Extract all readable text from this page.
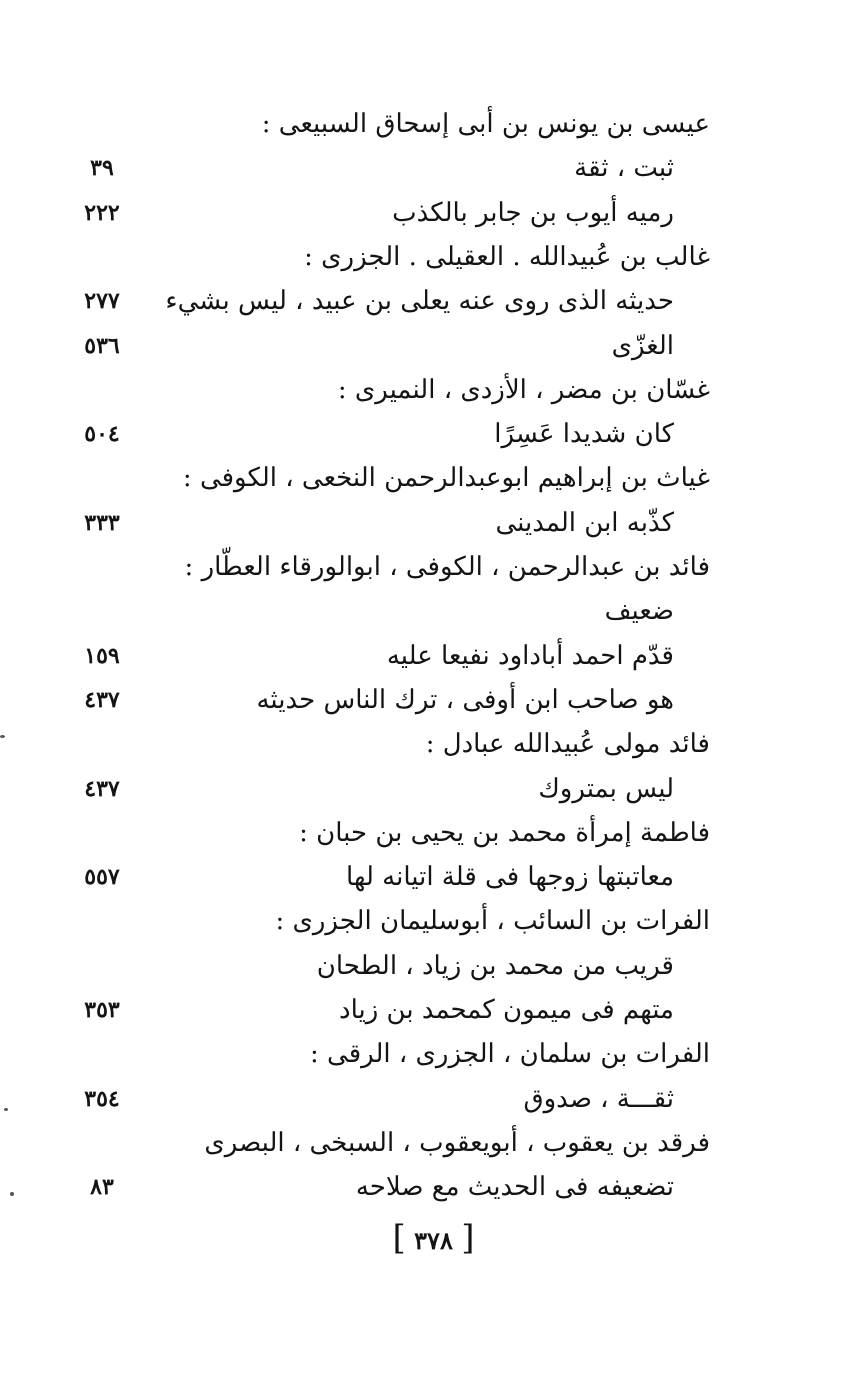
عيسى بن يونس بن أبى إسحاق السبيعى :
ثبت ، ثقة
٣٩
رميه أيوب بن جابر بالكذب
٢٢٢
غالب بن عُبيدالله . العقيلى . الجزرى :
حديثه الذى روى عنه يعلى بن عبيد ، ليس بشيء
٢٧٧
الغزّى
٥٣٦
غسّان بن مضر ، الأزدى ، النميرى :
كان شديدا عَسِرًا
٥٠٤
غياث بن إبراهيم ابوعبدالرحمن النخعى ، الكوفى :
كذّبه ابن المدينى
٣٣٣
فائد بن عبدالرحمن ، الكوفى ، ابوالورقاء العطّار :
ضعيف
قدّم احمد أباداود نفيعا عليه
١٥٩
هو صاحب ابن أوفى ، ترك الناس حديثه
٤٣٧
فائد مولى عُبيدالله عبادل :
ليس بمتروك
٤٣٧
فاطمة إمرأة محمد بن يحيى بن حبان :
معاتبتها زوجها فى قلة اتيانه لها
٥٥٧
الفرات بن السائب ، أبوسليمان الجزرى :
قريب من محمد بن زياد ، الطحان
متهم فى ميمون كمحمد بن زياد
٣٥٣
الفرات بن سلمان ، الجزرى ، الرقى :
ثقـــة ، صدوق
٣٥٤
فرقد بن يعقوب ، أبويعقوب ، السبخى ، البصرى
تضعيفه فى الحديث مع صلاحه
٨٣
[ ٣٧٨ ]
